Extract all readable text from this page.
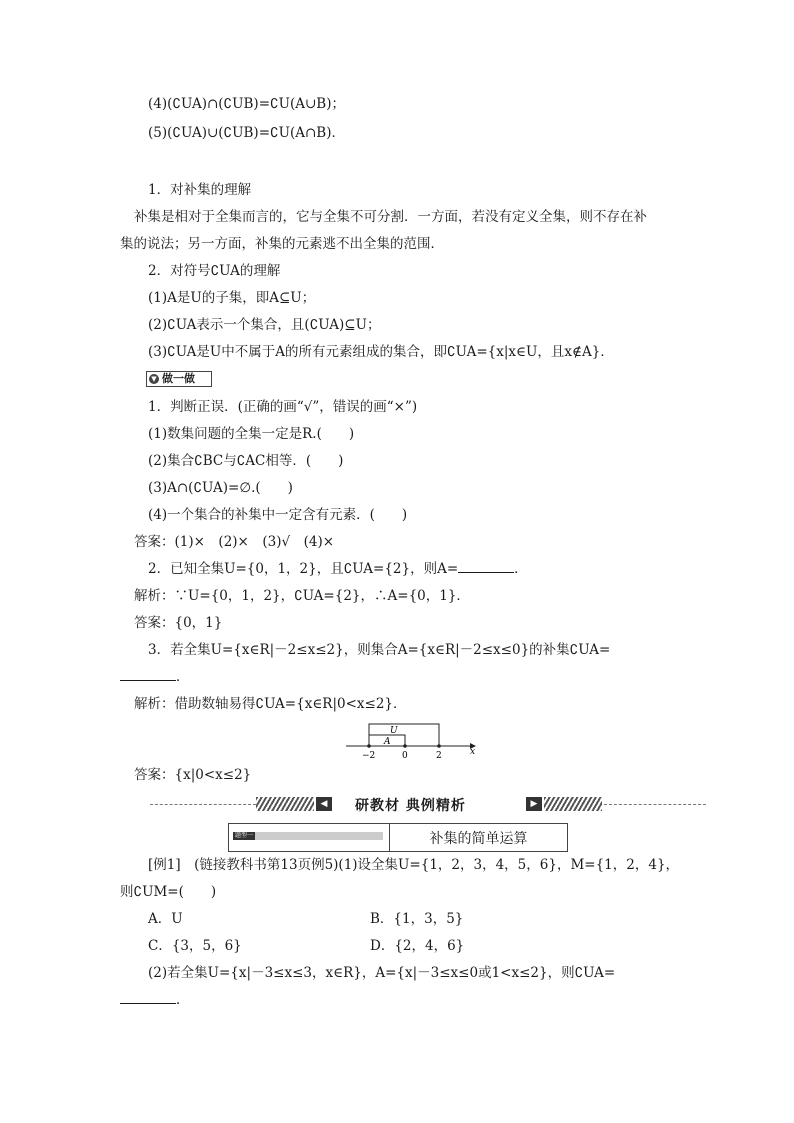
(4)(∁UA)∩(∁UB)=∁U(A∪B)；
(5)(∁UA)∪(∁UB)=∁U(A∩B)．
1．对补集的理解
补集是相对于全集而言的，它与全集不可分割．一方面，若没有定义全集，则不存在补
集的说法；另一方面，补集的元素逃不出全集的范围．
2．对符号∁UA的理解
(1)A是U的子集，即A⊆U；
(2)∁UA表示一个集合，且(∁UA)⊆U；
(3)∁UA是U中不属于A的所有元素组成的集合，即∁UA={x|x∈U，且x∉A}．
▼ 做一做
1．判断正误．(正确的画“√”，错误的画“×”)
(1)数集问题的全集一定是R.(　　)
(2)集合∁BC与∁AC相等．(　　)
(3)A∩(∁UA)=∅.(　　)
(4)一个集合的补集中一定含有元素．(　　)
答案：(1)×　(2)×　(3)√　(4)×
2．已知全集U={0，1，2}，且∁UA={2}，则A=	．
解析：∵U={0，1，2}，∁UA={2}，∴A={0，1}．
答案：{0，1}
3．若全集U={x∈R|－2≤x≤2}，则集合A={x∈R|－2≤x≤0}的补集∁UA=
．
解析：借助数轴易得∁UA={x∈R|0<x≤2}．
U
A
−2	0	2	x
答案：{x|0<x≤2}
◀	研教材 典例精析	▶
题型一	补集的简单运算
[例1]　(链接教科书第13页例5)(1)设全集U={1，2，3，4，5，6}，M={1，2，4}，
则∁UM=(　　)
A．U	B．{1，3，5}
C．{3，5，6}	D．{2，4，6}
(2)若全集U={x|－3≤x≤3，x∈R}，A={x|－3≤x≤0或1<x≤2}，则∁UA=
．
